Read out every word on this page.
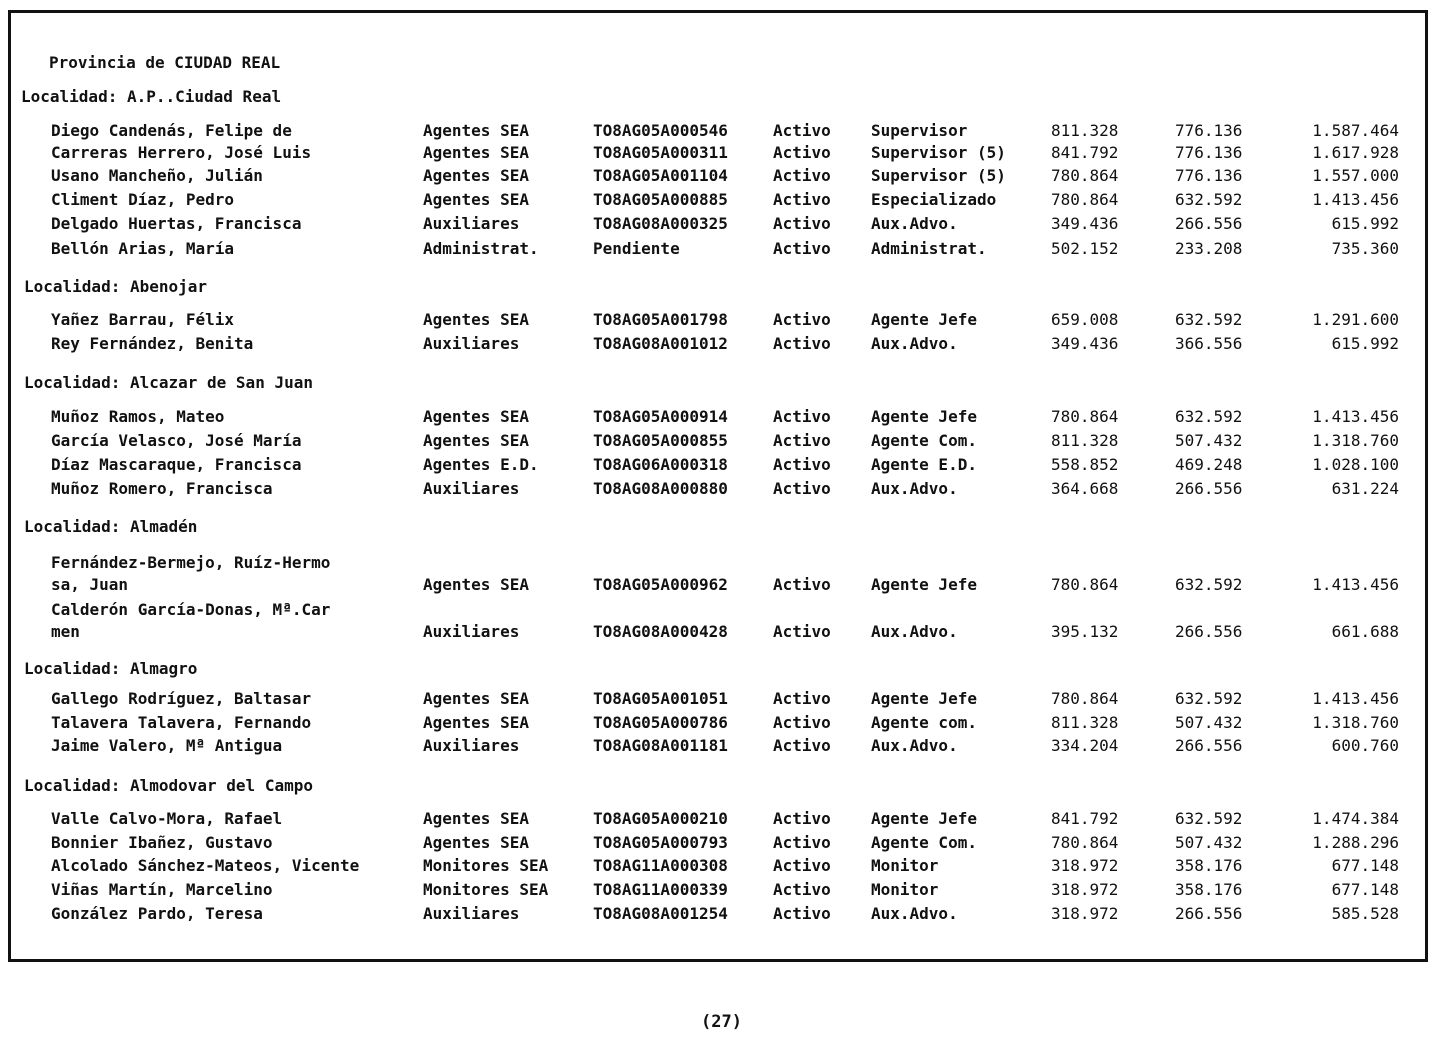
Provincia de CIUDAD REAL
Localidad: A.P..Ciudad Real
Diego Candenás, Felipe de	Agentes SEA	TO8AG05A000546	Activo	Supervisor	811.328	776.136	1.587.464
Carreras Herrero, José Luis	Agentes SEA	TO8AG05A000311	Activo	Supervisor (5)	841.792	776.136	1.617.928
Usano Mancheño, Julián	Agentes SEA	TO8AG05A001104	Activo	Supervisor (5)	780.864	776.136	1.557.000
Climent Díaz, Pedro	Agentes SEA	TO8AG05A000885	Activo	Especializado	780.864	632.592	1.413.456
Delgado Huertas, Francisca	Auxiliares	TO8AG08A000325	Activo	Aux.Advo.	349.436	266.556	615.992
Bellón Arias, María	Administrat.	Pendiente	Activo	Administrat.	502.152	233.208	735.360
Localidad: Abenojar
Yañez Barrau, Félix	Agentes SEA	TO8AG05A001798	Activo	Agente Jefe	659.008	632.592	1.291.600
Rey Fernández, Benita	Auxiliares	TO8AG08A001012	Activo	Aux.Advo.	349.436	366.556	615.992
Localidad: Alcazar de San Juan
Muñoz Ramos, Mateo	Agentes SEA	TO8AG05A000914	Activo	Agente Jefe	780.864	632.592	1.413.456
García Velasco, José María	Agentes SEA	TO8AG05A000855	Activo	Agente Com.	811.328	507.432	1.318.760
Díaz Mascaraque, Francisca	Agentes E.D.	TO8AG06A000318	Activo	Agente E.D.	558.852	469.248	1.028.100
Muñoz Romero, Francisca	Auxiliares	TO8AG08A000880	Activo	Aux.Advo.	364.668	266.556	631.224
Localidad: Almadén
Fernández-Bermejo, Ruíz-Hermo
sa, Juan	Agentes SEA	TO8AG05A000962	Activo	Agente Jefe	780.864	632.592	1.413.456
Calderón García-Donas, Mª.Car
men	Auxiliares	TO8AG08A000428	Activo	Aux.Advo.	395.132	266.556	661.688
Localidad: Almagro
Gallego Rodríguez, Baltasar	Agentes SEA	TO8AG05A001051	Activo	Agente Jefe	780.864	632.592	1.413.456
Talavera Talavera, Fernando	Agentes SEA	TO8AG05A000786	Activo	Agente com.	811.328	507.432	1.318.760
Jaime Valero, Mª Antigua	Auxiliares	TO8AG08A001181	Activo	Aux.Advo.	334.204	266.556	600.760
Localidad: Almodovar del Campo
Valle Calvo-Mora, Rafael	Agentes SEA	TO8AG05A000210	Activo	Agente Jefe	841.792	632.592	1.474.384
Bonnier Ibañez, Gustavo	Agentes SEA	TO8AG05A000793	Activo	Agente Com.	780.864	507.432	1.288.296
Alcolado Sánchez-Mateos, Vicente	Monitores SEA	TO8AG11A000308	Activo	Monitor	318.972	358.176	677.148
Viñas Martín, Marcelino	Monitores SEA	TO8AG11A000339	Activo	Monitor	318.972	358.176	677.148
González Pardo, Teresa	Auxiliares	TO8AG08A001254	Activo	Aux.Advo.	318.972	266.556	585.528
(27)
